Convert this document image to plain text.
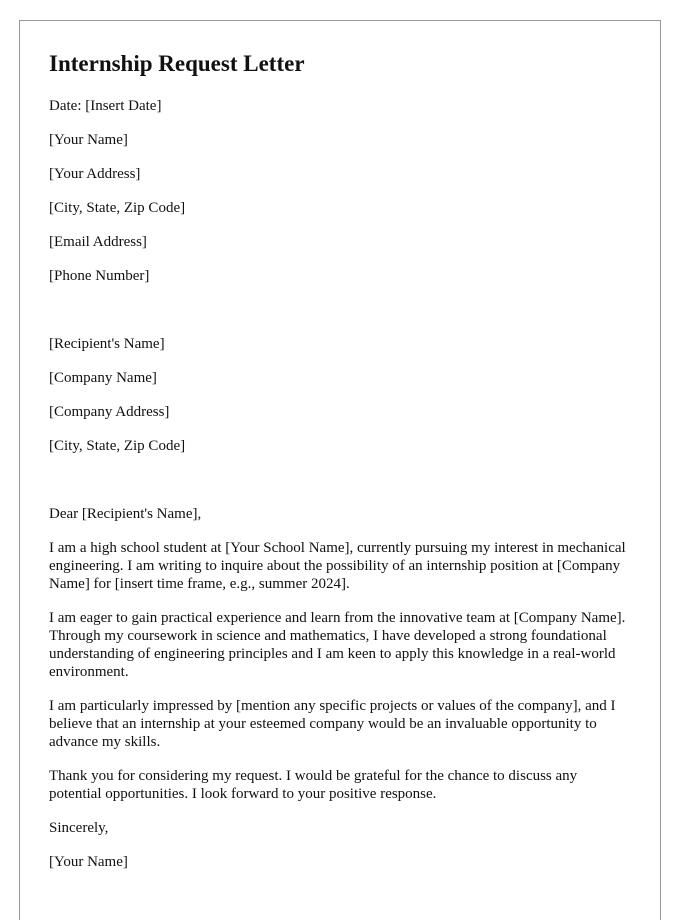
Internship Request Letter
Date: [Insert Date]
[Your Name]
[Your Address]
[City, State, Zip Code]
[Email Address]
[Phone Number]
[Recipient's Name]
[Company Name]
[Company Address]
[City, State, Zip Code]
Dear [Recipient's Name],

I am a high school student at [Your School Name], currently pursuing my interest in mechanical engineering. I am writing to inquire about the possibility of an internship position at [Company Name] for [insert time frame, e.g., summer 2024].

I am eager to gain practical experience and learn from the innovative team at [Company Name]. Through my coursework in science and mathematics, I have developed a strong foundational understanding of engineering principles and I am keen to apply this knowledge in a real-world environment.

I am particularly impressed by [mention any specific projects or values of the company], and I believe that an internship at your esteemed company would be an invaluable opportunity to advance my skills.

Thank you for considering my request. I would be grateful for the chance to discuss any potential opportunities. I look forward to your positive response.

Sincerely,
[Your Name]
